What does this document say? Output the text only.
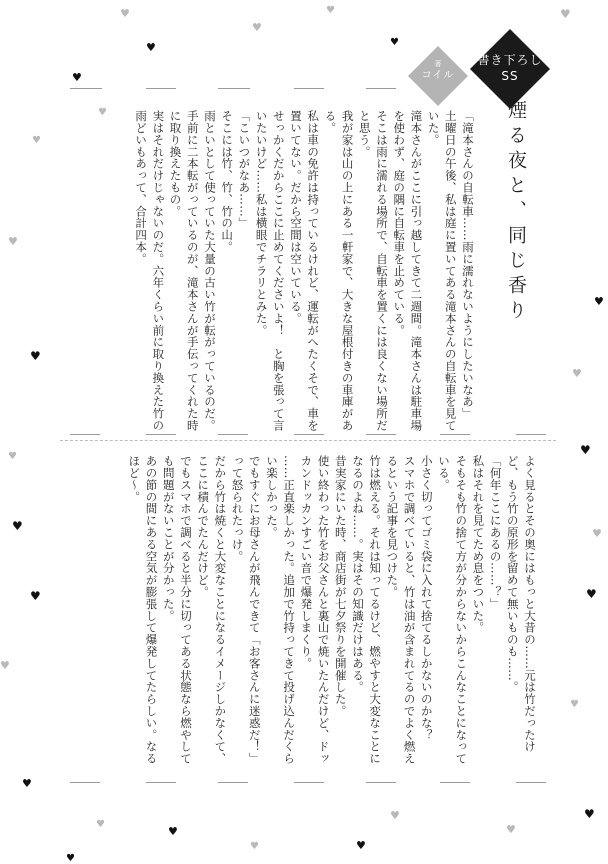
♥
♥
♥	♥
♥	♥
♥
♥
♥
♥
♥
♥
♥
♥
♥
♥
♥
♥
♥
♥
♥
♥
♥
♥
♥
♥
♥
♥
♥
♥
著
コイル
書き下ろし
SS
煙る夜と、同じ香り

「滝本さんの自転車……雨に濡れないようにしたいなあ」

土曜日の午後、私は庭に置いてある滝本さんの自転車を見ていた。

滝本さんがここに引っ越してきて二週間。滝本さんは駐車場を使わず、庭の隅に自転車を止めている。

そこは雨に濡れる場所で、自転車を置くには良くない場所だと思う。

我が家は山の上にある一軒家で、大きな屋根付きの車庫がある。

私は車の免許は持っているけれど、運転がへたくそで、車を置いてない。だから空間は空いている。

せっかくだからここに止めてくださいよ！　と胸を張って言いたいけど……私は横眼でチラリとみた。

「こいつがなあ……」

そこには竹、竹、竹の山。

雨といとして使っていた大量の古い竹が転がっているのだ。手前に二本転がっているのが、滝本さんが手伝ってくれた時に取り換えたもの。

実はそれだけじゃないのだ。六年くらい前に取り換えた竹の雨どいもあって、合計四本。

よく見るとその奥にはもっと大昔の……元は竹だったけど、もう竹の原形を留めて無いものも……。

「何年ここにあるの……？」

私はそれを見てため息をついた。

そもそも竹の捨て方が分からないからこんなことになっている。

小さく切ってゴミ袋に入れて捨てるしかないのかな？

スマホで調べていると、竹は油が含まれてるのでよく燃えるという記事を見つけた。

竹は燃える。それは知ってるけど、燃やすと大変なことになるのよね……。実はその知識だけはある。

昔実家にいた時、商店街が七夕祭りを開催した。

使い終わった竹をお父さんと裏山で焼いたんだけど、ドッカンドッカンすごい音で爆発しまくり。

……正直楽しかった。追加で竹持ってきて投げ込んだくらい楽しかった。

でもすぐにお母さんが飛んできて「お客さんに迷惑だ！」って怒られたっけ。

だから竹は焼くと大変なことになるイメージしかなくて、ここに積んでたんだけど。

でもスマホで調べると半分に切ってある状態なら燃やしても問題がないことが分かった。

あの節の間にある空気が膨張して爆発してたらしい。なるほど～。
